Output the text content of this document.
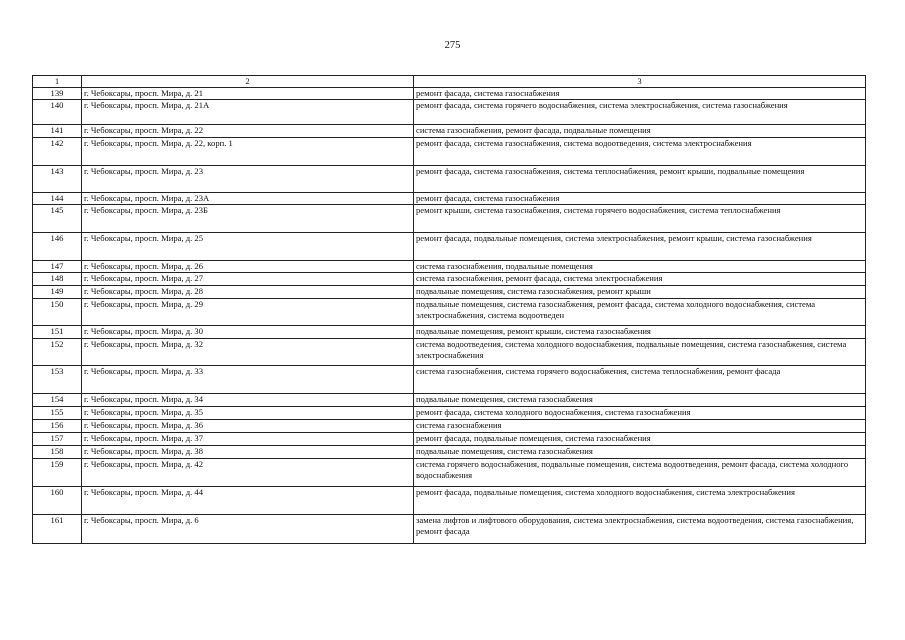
275
1	2	3
139	г. Чебоксары, просп. Мира, д. 21	ремонт фасада, система газоснабжения
140	г. Чебоксары, просп. Мира, д. 21А	ремонт фасада, система горячего водоснабжения, система электроснабжения, система газоснабжения
141	г. Чебоксары, просп. Мира, д. 22	система газоснабжения, ремонт фасада, подвальные помещения
142	г. Чебоксары, просп. Мира, д. 22, корп. 1	ремонт фасада, система газоснабжения, система водоотведения, система электроснабжения
143	г. Чебоксары, просп. Мира, д. 23	ремонт фасада, система газоснабжения, система теплоснабжения, ремонт крыши, подвальные помещения
144	г. Чебоксары, просп. Мира, д. 23А	ремонт фасада, система газоснабжения
145	г. Чебоксары, просп. Мира, д. 23Б	ремонт крыши, система газоснабжения, система горячего водоснабжения, система теплоснабжения
146	г. Чебоксары, просп. Мира, д. 25	ремонт фасада, подвальные помещения, система электроснабжения, ремонт крыши, система газоснабжения
147	г. Чебоксары, просп. Мира, д. 26	система газоснабжения, подвальные помещения
148	г. Чебоксары, просп. Мира, д. 27	система газоснабжения, ремонт фасада, система электроснабжения
149	г. Чебоксары, просп. Мира, д. 28	подвальные помещения, система газоснабжения, ремонт крыши
150	г. Чебоксары, просп. Мира, д. 29	подвальные помещения, система газоснабжения, ремонт фасада, система холодного водоснабжения, система электроснабжения, система водоотведен
151	г. Чебоксары, просп. Мира, д. 30	подвальные помещения, ремонт крыши, система газоснабжения
152	г. Чебоксары, просп. Мира, д. 32	система водоотведения, система холодного водоснабжения, подвальные помещения, система газоснабжения, система электроснабжения
153	г. Чебоксары, просп. Мира, д. 33	система газоснабжения, система горячего водоснабжения, система теплоснабжения, ремонт фасада
154	г. Чебоксары, просп. Мира, д. 34	подвальные помещения, система газоснабжения
155	г. Чебоксары, просп. Мира, д. 35	ремонт фасада, система холодного водоснабжения, система газоснабжения
156	г. Чебоксары, просп. Мира, д. 36	система газоснабжения
157	г. Чебоксары, просп. Мира, д. 37	ремонт фасада, подвальные помещения, система газоснабжения
158	г. Чебоксары, просп. Мира, д. 38	подвальные помещения, система газоснабжения
159	г. Чебоксары, просп. Мира, д. 42	система горячего водоснабжения, подвальные помещения, система водоотведения, ремонт фасада, система холодного водоснабжения
160	г. Чебоксары, просп. Мира, д. 44	ремонт фасада, подвальные помещения, система холодного водоснабжения, система электроснабжения
161	г. Чебоксары, просп. Мира, д. 6	замена лифтов и лифтового оборудования, система электроснабжения, система водоотведения, система газоснабжения, ремонт фасада
